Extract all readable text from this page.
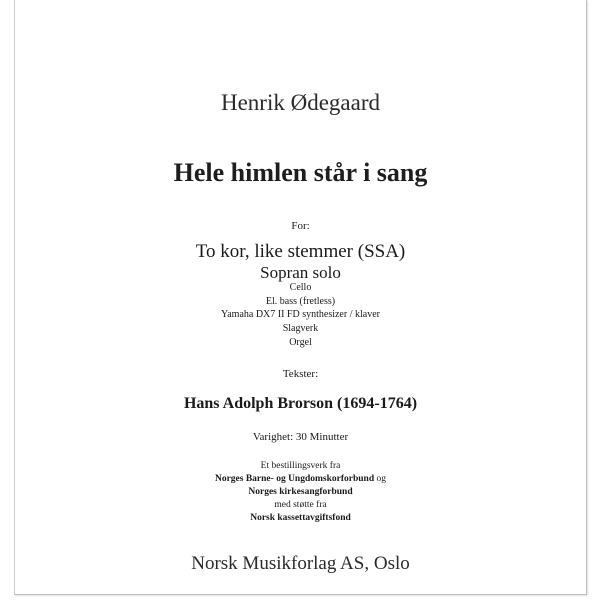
Henrik Ødegaard
Hele himlen står i sang
For:
To kor, like stemmer (SSA)
Sopran solo
Cello
El. bass (fretless)
Yamaha DX7 II FD synthesizer / klaver
Slagverk
Orgel
Tekster:
Hans Adolph Brorson (1694-1764)
Varighet: 30 Minutter
Et bestillingsverk fra
Norges Barne- og Ungdomskorforbund og
Norges kirkesangforbund
med støtte fra
Norsk kassettavgiftsfond
Norsk Musikforlag AS, Oslo
